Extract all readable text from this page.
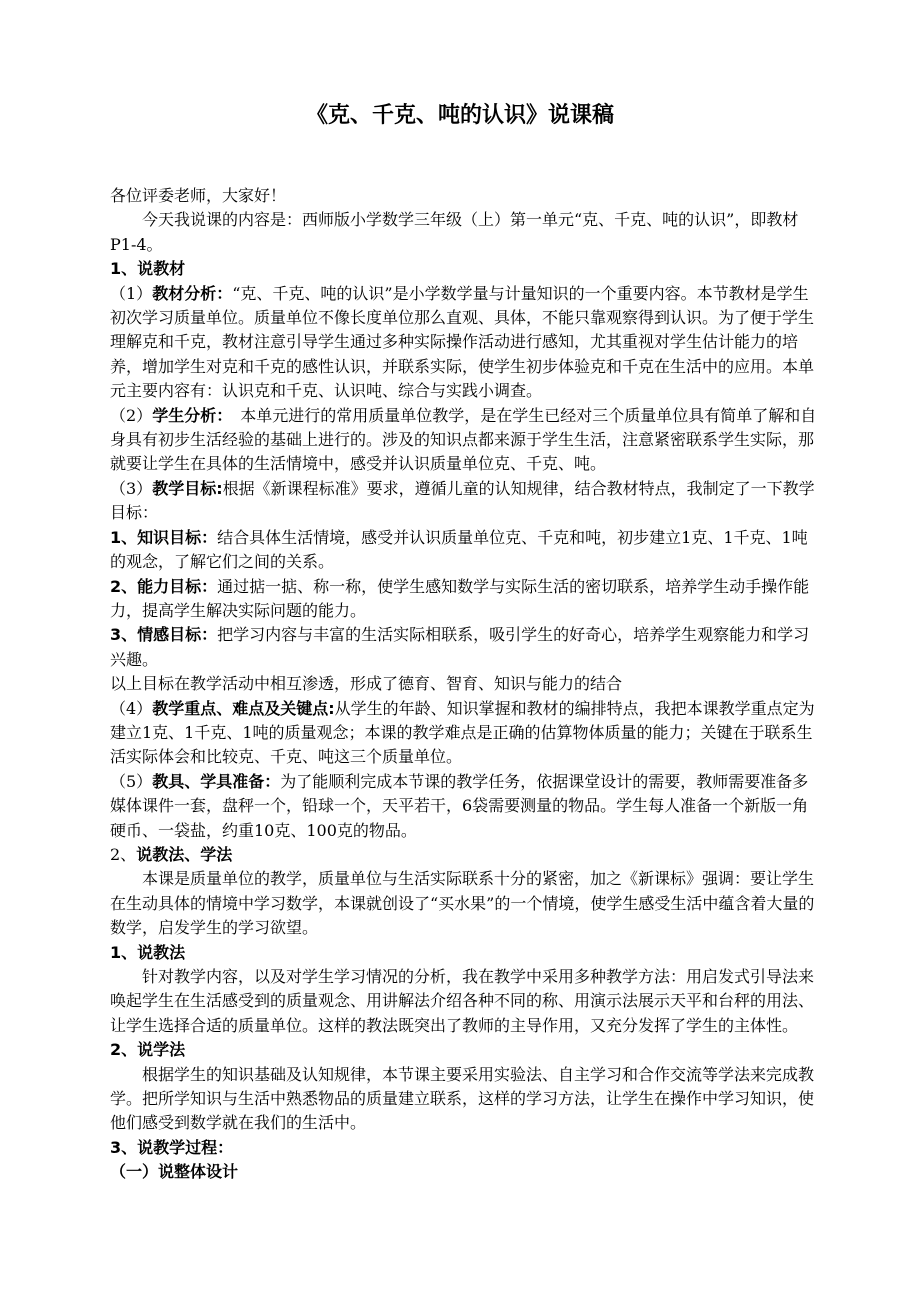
《克、千克、吨的认识》说课稿

各位评委老师，大家好！

今天我说课的内容是：西师版小学数学三年级（上）第一单元“克、千克、吨的认识”，即教材P1-4。

1、说教材

（1）教材分析：“克、千克、吨的认识”是小学数学量与计量知识的一个重要内容。本节教材是学生初次学习质量单位。质量单位不像长度单位那么直观、具体，不能只靠观察得到认识。为了便于学生理解克和千克，教材注意引导学生通过多种实际操作活动进行感知，尤其重视对学生估计能力的培养，增加学生对克和千克的感性认识，并联系实际，使学生初步体验克和千克在生活中的应用。本单元主要内容有：认识克和千克、认识吨、综合与实践小调查。

（2）学生分析：　本单元进行的常用质量单位教学，是在学生已经对三个质量单位具有简单了解和自身具有初步生活经验的基础上进行的。涉及的知识点都来源于学生生活，注意紧密联系学生实际，那就要让学生在具体的生活情境中，感受并认识质量单位克、千克、吨。

（3）教学目标:根据《新课程标准》要求，遵循儿童的认知规律，结合教材特点，我制定了一下教学目标：

1、知识目标：结合具体生活情境，感受并认识质量单位克、千克和吨，初步建立1克、1千克、1吨的观念，了解它们之间的关系。

2、能力目标：通过掂一掂、称一称，使学生感知数学与实际生活的密切联系，培养学生动手操作能力，提高学生解决实际问题的能力。

3、情感目标：把学习内容与丰富的生活实际相联系，吸引学生的好奇心，培养学生观察能力和学习兴趣。

以上目标在教学活动中相互渗透，形成了德育、智育、知识与能力的结合

（4）教学重点、难点及关键点:从学生的年龄、知识掌握和教材的编排特点，我把本课教学重点定为建立1克、1千克、1吨的质量观念；本课的教学难点是正确的估算物体质量的能力；关键在于联系生活实际体会和比较克、千克、吨这三个质量单位。

（5）教具、学具准备：为了能顺利完成本节课的教学任务，依据课堂设计的需要，教师需要准备多媒体课件一套，盘秤一个，铅球一个，天平若干，6袋需要测量的物品。学生每人准备一个新版一角硬币、一袋盐，约重10克、100克的物品。

2、说教法、学法

本课是质量单位的教学，质量单位与生活实际联系十分的紧密，加之《新课标》强调：要让学生在生动具体的情境中学习数学，本课就创设了“买水果”的一个情境，使学生感受生活中蕴含着大量的数学，启发学生的学习欲望。

1、说教法

针对教学内容，以及对学生学习情况的分析，我在教学中采用多种教学方法：用启发式引导法来唤起学生在生活感受到的质量观念、用讲解法介绍各种不同的称、用演示法展示天平和台秤的用法、让学生选择合适的质量单位。这样的教法既突出了教师的主导作用，又充分发挥了学生的主体性。

2、说学法

根据学生的知识基础及认知规律，本节课主要采用实验法、自主学习和合作交流等学法来完成教学。把所学知识与生活中熟悉物品的质量建立联系，这样的学习方法，让学生在操作中学习知识，使他们感受到数学就在我们的生活中。

3、说教学过程：

（一）说整体设计
